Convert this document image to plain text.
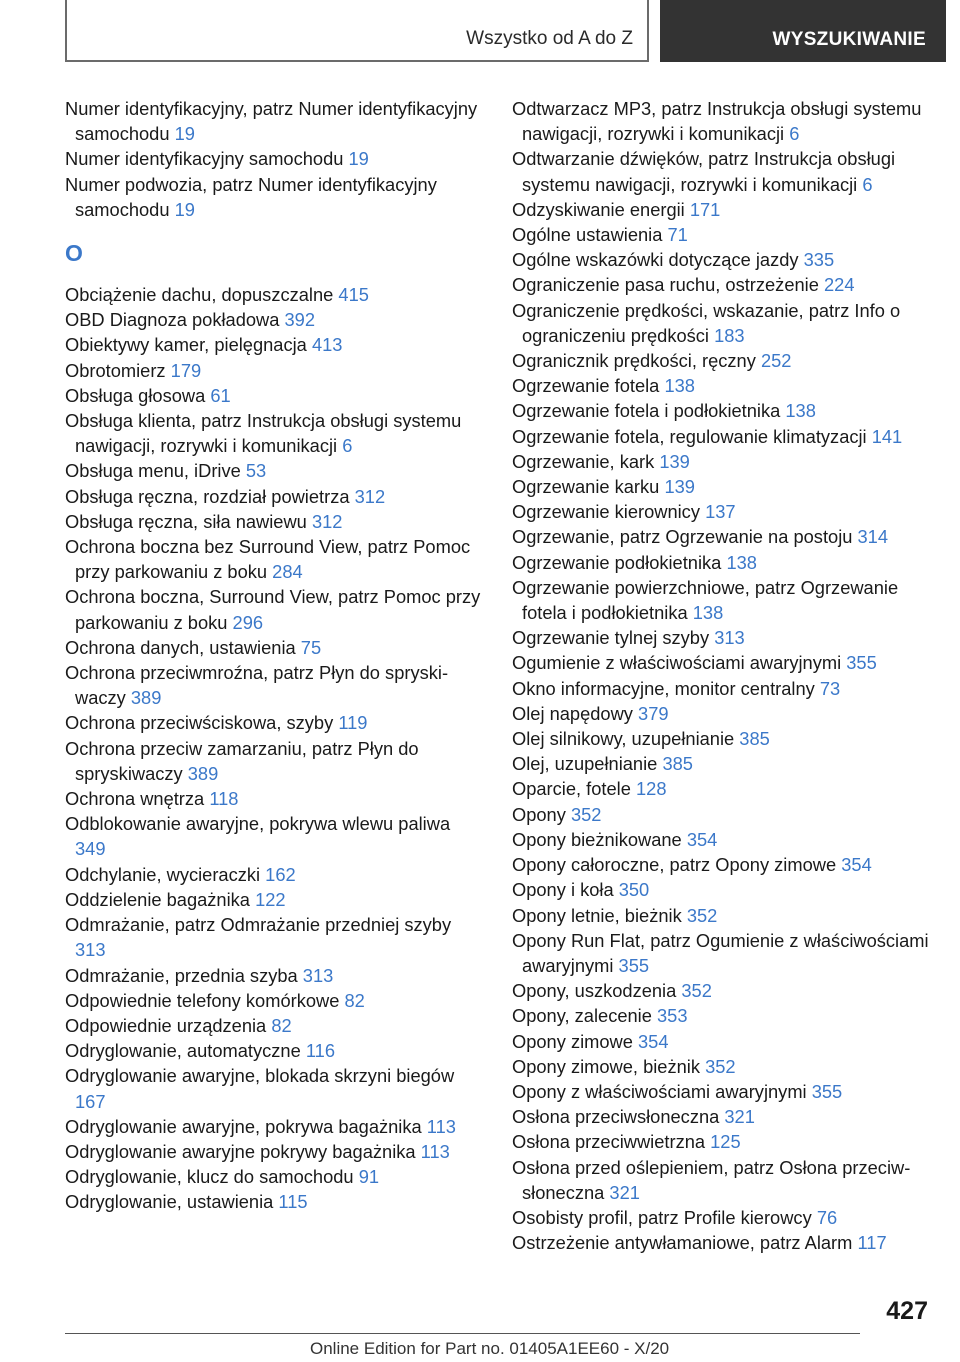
Wszystko od A do Z	WYSZUKIWANIE
Numer identyfikacyjny, patrz Numer identyfikacyjny samochodu 19
Numer identyfikacyjny samochodu 19
Numer podwozia, patrz Numer identyfikacyjny samochodu 19
O
Obciążenie dachu, dopuszczalne 415
OBD Diagnoza pokładowa 392
Obiektywy kamer, pielęgnacja 413
Obrotomierz 179
Obsługa głosowa 61
Obsługa klienta, patrz Instrukcja obsługi systemu nawigacji, rozrywki i komunikacji 6
Obsługa menu, iDrive 53
Obsługa ręczna, rozdział powietrza 312
Obsługa ręczna, siła nawiewu 312
Ochrona boczna bez Surround View, patrz Pomoc przy parkowaniu z boku 284
Ochrona boczna, Surround View, patrz Pomoc przy parkowaniu z boku 296
Ochrona danych, ustawienia 75
Ochrona przeciwmroźna, patrz Płyn do spryskiwaczy 389
Ochrona przeciwściskowa, szyby 119
Ochrona przeciw zamarzaniu, patrz Płyn do spryskiwaczy 389
Ochrona wnętrza 118
Odblokowanie awaryjne, pokrywa wlewu paliwa 349
Odchylanie, wycieraczki 162
Oddzielenie bagażnika 122
Odmrażanie, patrz Odmrażanie przedniej szyby 313
Odmrażanie, przednia szyba 313
Odpowiednie telefony komórkowe 82
Odpowiednie urządzenia 82
Odryglowanie, automatyczne 116
Odryglowanie awaryjne, blokada skrzyni biegów 167
Odryglowanie awaryjne, pokrywa bagażnika 113
Odryglowanie awaryjne pokrywy bagażnika 113
Odryglowanie, klucz do samochodu 91
Odryglowanie, ustawienia 115
Odtwarzacz MP3, patrz Instrukcja obsługi systemu nawigacji, rozrywki i komunikacji 6
Odtwarzanie dźwięków, patrz Instrukcja obsługi systemu nawigacji, rozrywki i komunikacji 6
Odzyskiwanie energii 171
Ogólne ustawienia 71
Ogólne wskazówki dotyczące jazdy 335
Ograniczenie pasa ruchu, ostrzeżenie 224
Ograniczenie prędkości, wskazanie, patrz Info o ograniczeniu prędkości 183
Ogranicznik prędkości, ręczny 252
Ogrzewanie fotela 138
Ogrzewanie fotela i podłokietnika 138
Ogrzewanie fotela, regulowanie klimatyzacji 141
Ogrzewanie, kark 139
Ogrzewanie karku 139
Ogrzewanie kierownicy 137
Ogrzewanie, patrz Ogrzewanie na postoju 314
Ogrzewanie podłokietnika 138
Ogrzewanie powierzchniowe, patrz Ogrzewanie fotela i podłokietnika 138
Ogrzewanie tylnej szyby 313
Ogumienie z właściwościami awaryjnymi 355
Okno informacyjne, monitor centralny 73
Olej napędowy 379
Olej silnikowy, uzupełnianie 385
Olej, uzupełnianie 385
Oparcie, fotele 128
Opony 352
Opony bieżnikowane 354
Opony całoroczne, patrz Opony zimowe 354
Opony i koła 350
Opony letnie, bieżnik 352
Opony Run Flat, patrz Ogumienie z właściwościami awaryjnymi 355
Opony, uszkodzenia 352
Opony, zalecenie 353
Opony zimowe 354
Opony zimowe, bieżnik 352
Opony z właściwościami awaryjnymi 355
Osłona przeciwsłoneczna 321
Osłona przeciwwietrzna 125
Osłona przed oślepieniem, patrz Osłona przeciwsłoneczna 321
Osobisty profil, patrz Profile kierowcy 76
Ostrzeżenie antywłamaniowe, patrz Alarm 117
427
Online Edition for Part no. 01405A1EE60 - X/20
